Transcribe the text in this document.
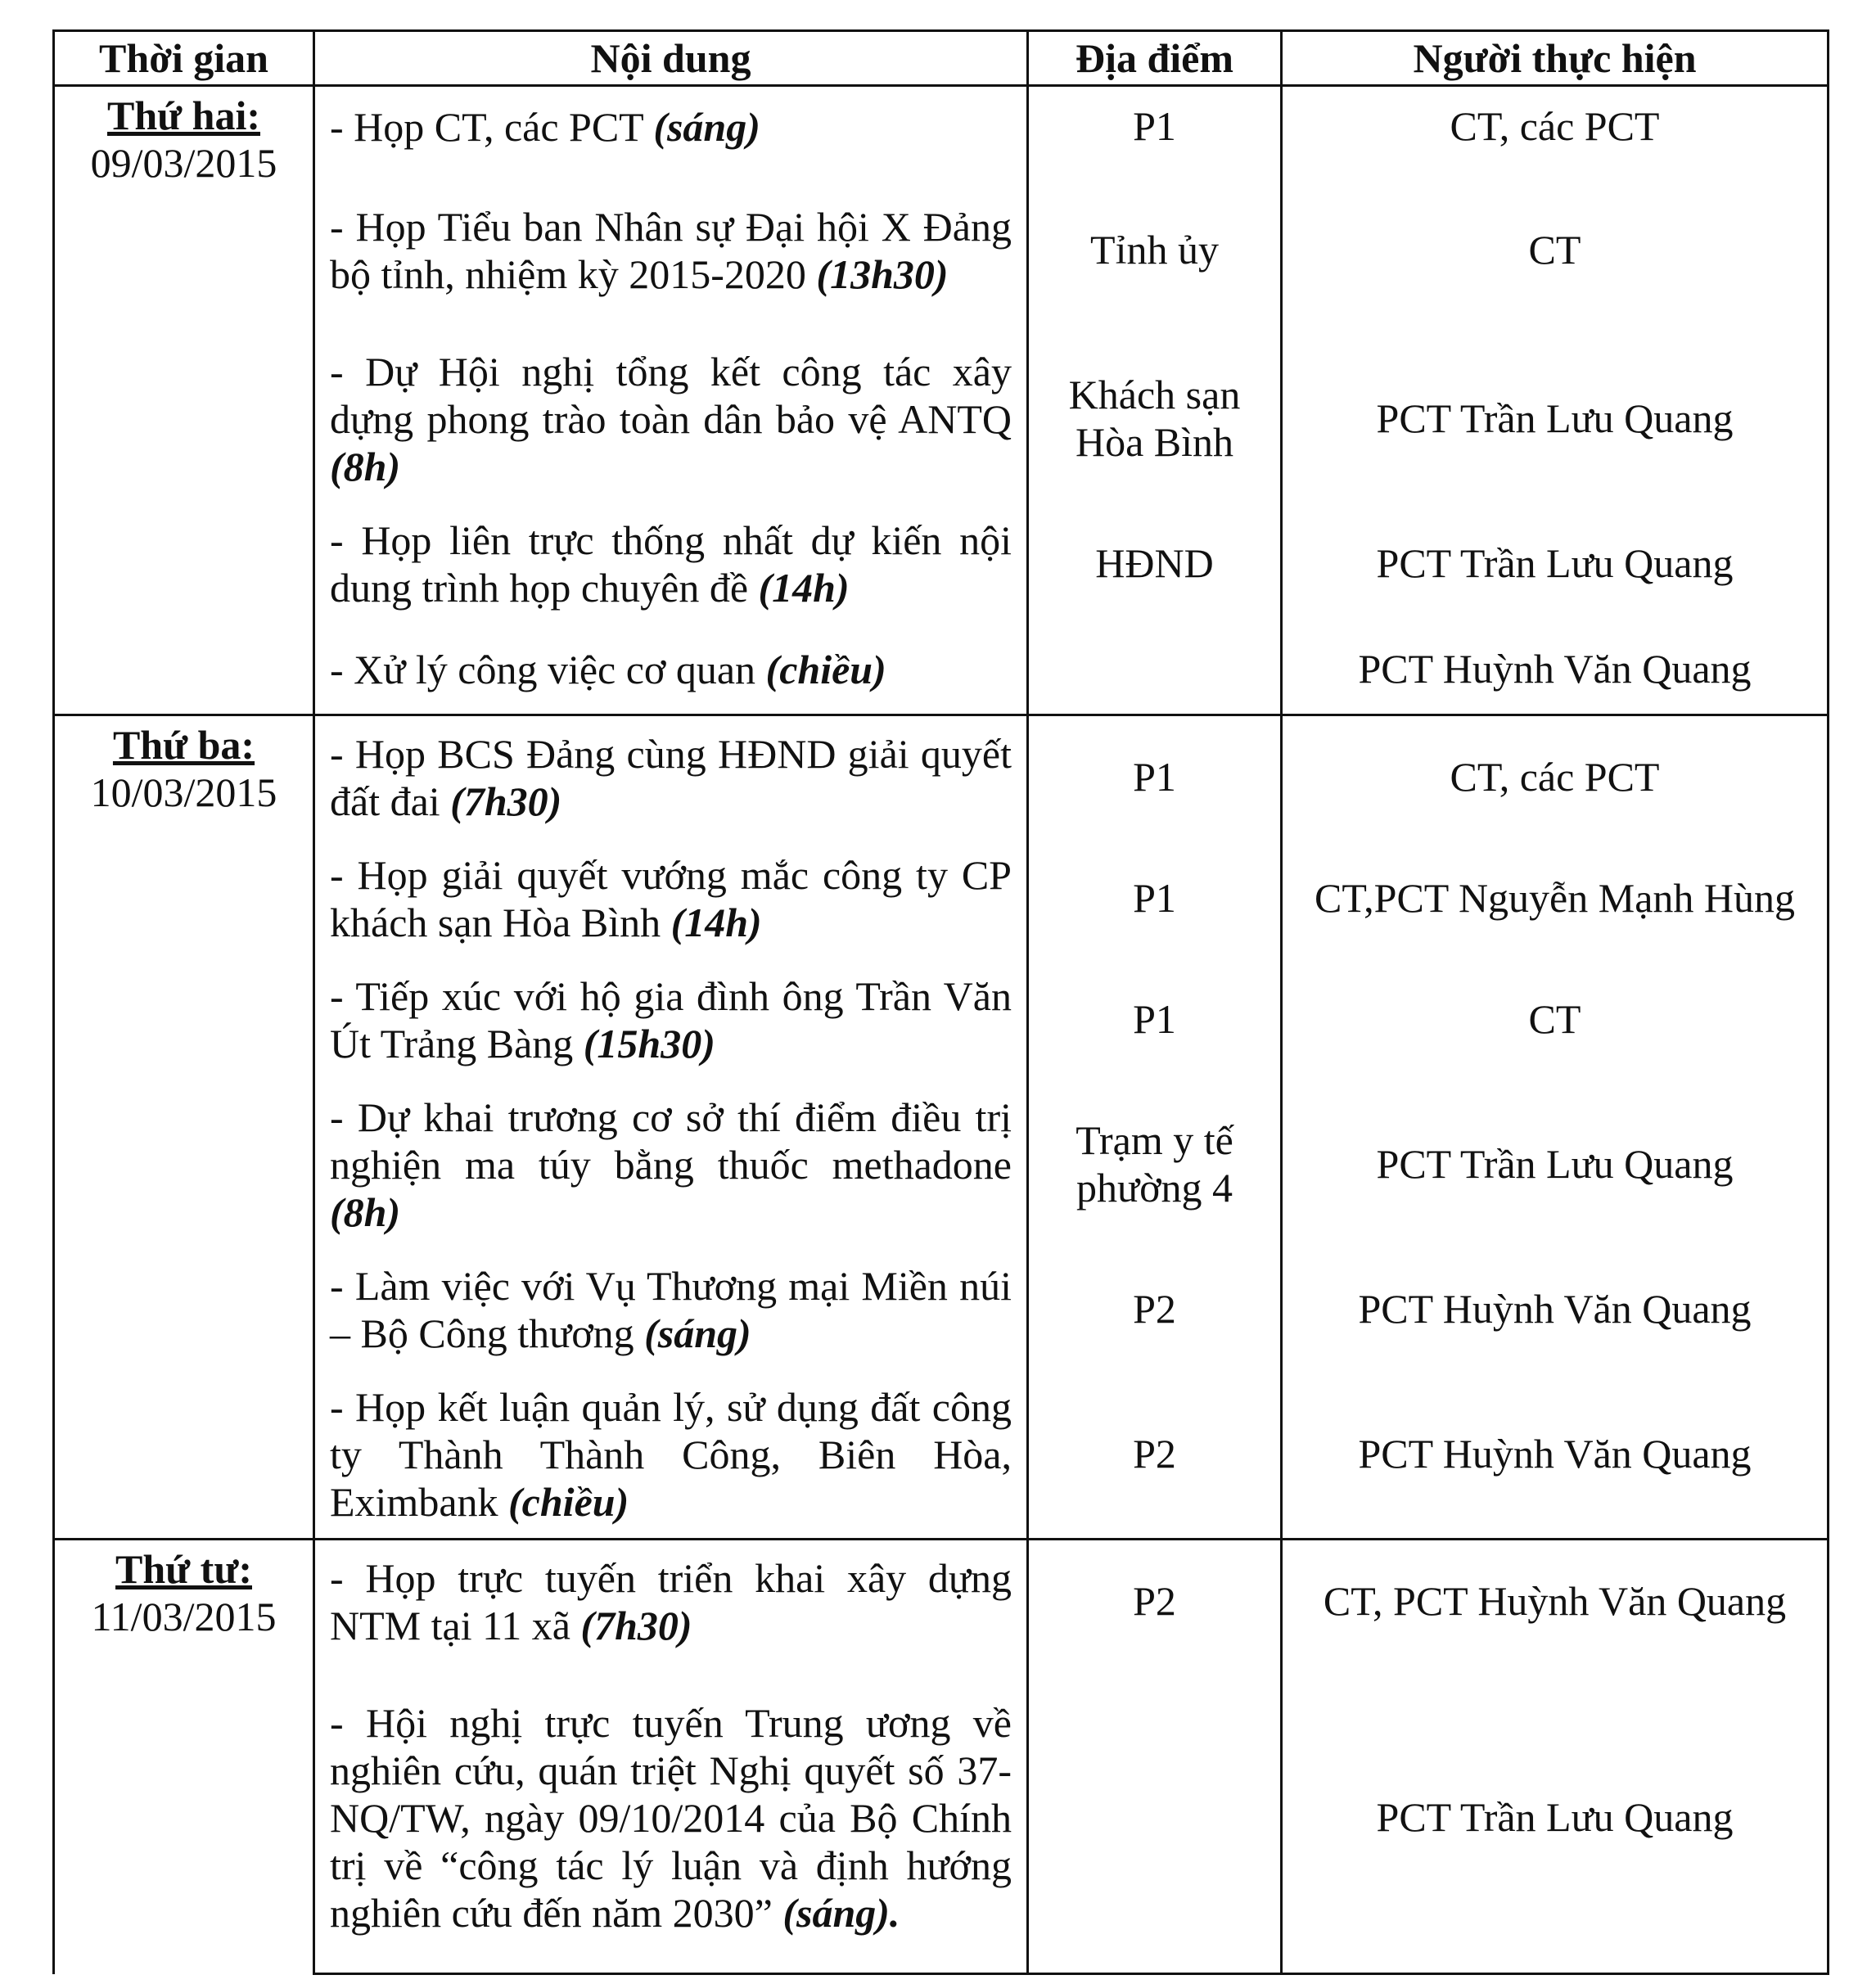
Thời gian	Nội dung	Địa điểm	Người thực hiện

Thứ hai:
09/03/2015	- Họp CT, các PCT (sáng)	P1	CT, các PCT
	- Họp Tiểu ban Nhân sự Đại hội X Đảng bộ tỉnh, nhiệm kỳ 2015-2020 (13h30)	Tỉnh ủy	CT
	- Dự Hội nghị tổng kết công tác xây dựng phong trào toàn dân bảo vệ ANTQ (8h)	Khách sạn Hòa Bình	PCT Trần Lưu Quang
	- Họp liên trực thống nhất dự kiến nội dung trình họp chuyên đề (14h)	HĐND	PCT Trần Lưu Quang
	- Xử lý công việc cơ quan (chiều)		PCT Huỳnh Văn Quang

Thứ ba:
10/03/2015	- Họp BCS Đảng cùng HĐND giải quyết đất đai (7h30)	P1	CT, các PCT
	- Họp giải quyết vướng mắc công ty CP khách sạn Hòa Bình (14h)	P1	CT,PCT Nguyễn Mạnh Hùng
	- Tiếp xúc với hộ gia đình ông Trần Văn Út Trảng Bàng (15h30)	P1	CT
	- Dự khai trương cơ sở thí điểm điều trị nghiện ma túy bằng thuốc methadone (8h)	Trạm y tế phường 4	PCT Trần Lưu Quang
	- Làm việc với Vụ Thương mại Miền núi – Bộ Công thương (sáng)	P2	PCT Huỳnh Văn Quang
	- Họp kết luận quản lý, sử dụng đất công ty Thành Thành Công, Biên Hòa, Eximbank (chiều)	P2	PCT Huỳnh Văn Quang

Thứ tư:
11/03/2015	- Họp trực tuyến triển khai xây dựng NTM tại 11 xã (7h30)	P2	CT, PCT Huỳnh Văn Quang
	- Hội nghị trực tuyến Trung ương về nghiên cứu, quán triệt Nghị quyết số 37-NQ/TW, ngày 09/10/2014 của Bộ Chính trị về “công tác lý luận và định hướng nghiên cứu đến năm 2030” (sáng).		PCT Trần Lưu Quang
